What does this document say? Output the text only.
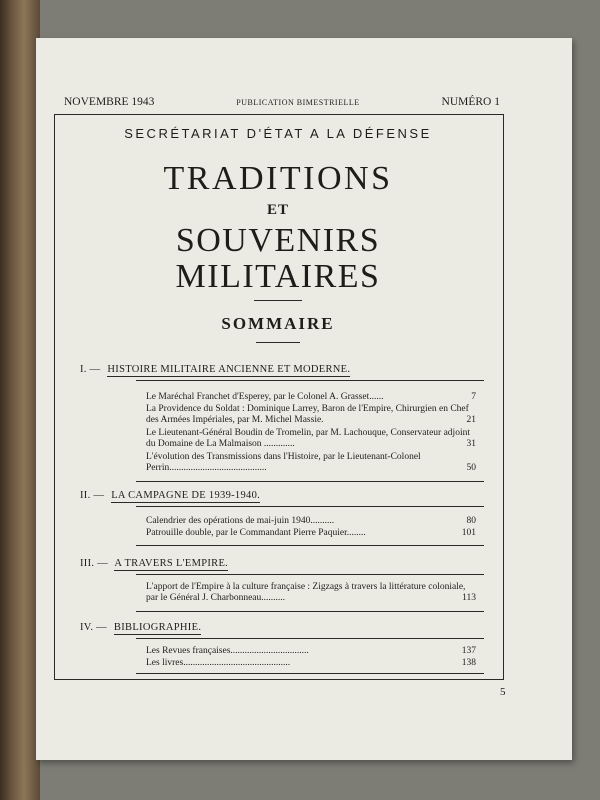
NOVEMBRE 1943	PUBLICATION BIMESTRIELLE	NUMÉRO 1
SECRÉTARIAT D'ÉTAT A LA DÉFENSE
TRADITIONS
ET
SOUVENIRS
MILITAIRES
SOMMAIRE
I. — HISTOIRE MILITAIRE ANCIENNE ET MODERNE.
Le Maréchal Franchet d'Esperey, par le Colonel A. Grasset......	7
La Providence du Soldat : Dominique Larrey, Baron de l'Empire, Chirurgien en Chef des Armées Impériales, par M. Michel Massie.	21
Le Lieutenant-Général Boudin de Tromelin, par M. Lachouque, Conservateur adjoint du Domaine de La Malmaison .............	31
L'évolution des Transmissions dans l'Histoire, par le Lieutenant-Colonel Perrin.........................................	50
II. — LA CAMPAGNE DE 1939-1940.
Calendrier des opérations de mai-juin 1940..........	80
Patrouille double, par le Commandant Pierre Paquier........	101
III. — A TRAVERS L'EMPIRE.
L'apport de l'Empire à la culture française : Zigzags à travers la littérature coloniale, par le Général J. Charbonneau..........	113
IV. — BIBLIOGRAPHIE.
Les Revues françaises.................................	137
Les livres.............................................	138
5
